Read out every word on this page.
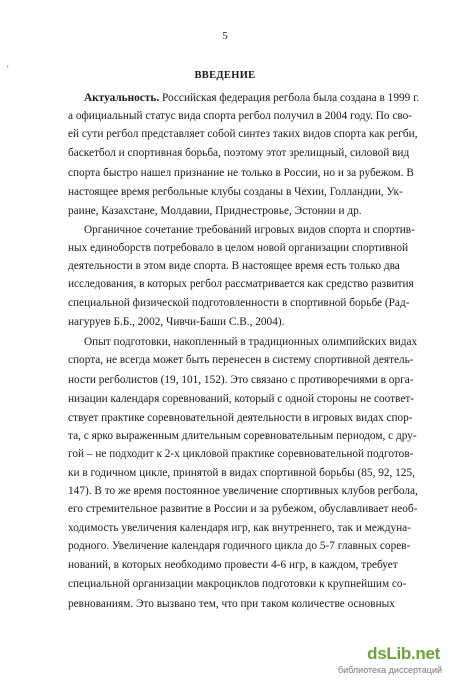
5
'
ВВЕДЕНИЕ
Актуальность. Российская федерация регбола была создана в 1999 г.
а официальный статус вида спорта регбол получил в 2004 году. По сво-
ей сути регбол представляет собой синтез таких видов спорта как регби,
баскетбол и спортивная борьба, поэтому этот зрелищный, силовой вид
спорта быстро нашел признание не только в России, но и за рубежом. В
настоящее время регбольные клубы созданы в Чехии, Голландии, Ук-
раине, Казахстане, Молдавии, Приднестровье, Эстонии и др.
Органичное сочетание требований игровых видов спорта и спортив-
ных единоборств потребовало в целом новой организации спортивной
деятельности в этом виде спорта. В настоящее время есть только два
исследования, в которых регбол рассматривается как средство развития
специальной физической подготовленности в спортивной борьбе (Рад-
нагуруев Б.Б., 2002, Чивчи-Баши С.В., 2004).
Опыт подготовки, накопленный в традиционных олимпийских видах
спорта, не всегда может быть перенесен в систему спортивной деятель-
ности регболистов (19, 101, 152). Это связано с противоречиями в орга-
низации календаря соревнований, который с одной стороны не соответ-
ствует практике соревновательной деятельности в игровых видах спор-
та, с ярко выраженным длительным соревновательным периодом, с дру-
гой – не подходит к 2-х цикловой практике соревновательной подготов-
ки в годичном цикле, принятой в видах спортивной борьбы (85, 92, 125,
147). В то же время постоянное увеличение спортивных клубов регбола,
его стремительное развитие в России и за рубежом, обуславливает необ-
ходимость увеличения календаря игр, как внутреннего, так и междуна-
родного. Увеличение календаря годичного цикла до 5-7 главных сорев-
нований, в которых необходимо провести 4-6 игр, в каждом, требует
специальной организации макроциклов подготовки к крупнейшим со-
ревнованиям. Это вызвано тем, что при таком количестве основных
dsLib.net
библиотека диссертаций
